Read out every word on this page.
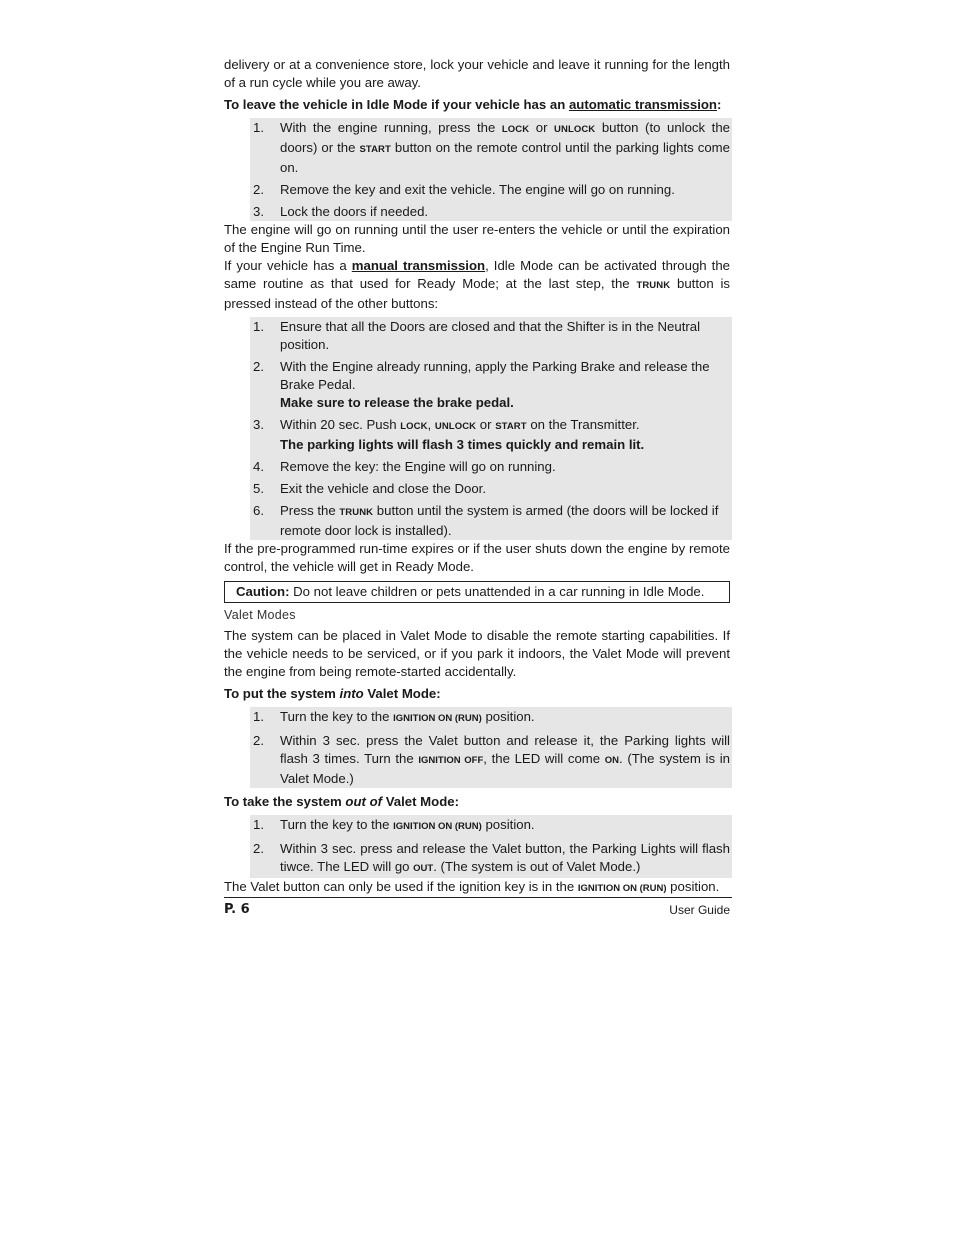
delivery or at a convenience store, lock your vehicle and leave it running for the length of a run cycle while you are away.

To leave the vehicle in Idle Mode if your vehicle has an automatic transmission:
1.	With the engine running, press the LOCK or UNLOCK button (to unlock the doors) or the START button on the remote control until the parking lights come on.
2.	Remove the key and exit the vehicle. The engine will go on running.
3.	Lock the doors if needed.

The engine will go on running until the user re-enters the vehicle or until the expiration of the Engine Run Time.

If your vehicle has a manual transmission, Idle Mode can be activated through the same routine as that used for Ready Mode; at the last step, the TRUNK button is pressed instead of the other buttons:

1.	Ensure that all the Doors are closed and that the Shifter is in the Neutral position.
2.	With the Engine already running, apply the Parking Brake and release the Brake Pedal.
Make sure to release the brake pedal.
3.	Within 20 sec. Push LOCK, UNLOCK or START on the Transmitter.
The parking lights will flash 3 times quickly and remain lit.
4.	Remove the key: the Engine will go on running.
5.	Exit the vehicle and close the Door.
6.	Press the TRUNK button until the system is armed (the doors will be locked if remote door lock is installed).

If the pre-programmed run-time expires or if the user shuts down the engine by remote control, the vehicle will get in Ready Mode.

Caution: Do not leave children or pets unattended in a car running in Idle Mode.
Valet Modes

The system can be placed in Valet Mode to disable the remote starting capabilities. If the vehicle needs to be serviced, or if you park it indoors, the Valet Mode will prevent the engine from being remote-started accidentally.

To put the system into Valet Mode:
1.	Turn the key to the IGNITION ON (RUN) position.
2.	Within 3 sec. press the Valet button and release it, the Parking lights will flash 3 times. Turn the IGNITION OFF, the LED will come ON. (The system is in Valet Mode.)
To take the system out of Valet Mode:
1.	Turn the key to the IGNITION ON (RUN) position.
2.	Within 3 sec. press and release the Valet button, the Parking Lights will flash tiwce. The LED will go OUT. (The system is out of Valet Mode.)

The Valet button can only be used if the ignition key is in the IGNITION ON (RUN) position.

P. 6	User Guide
